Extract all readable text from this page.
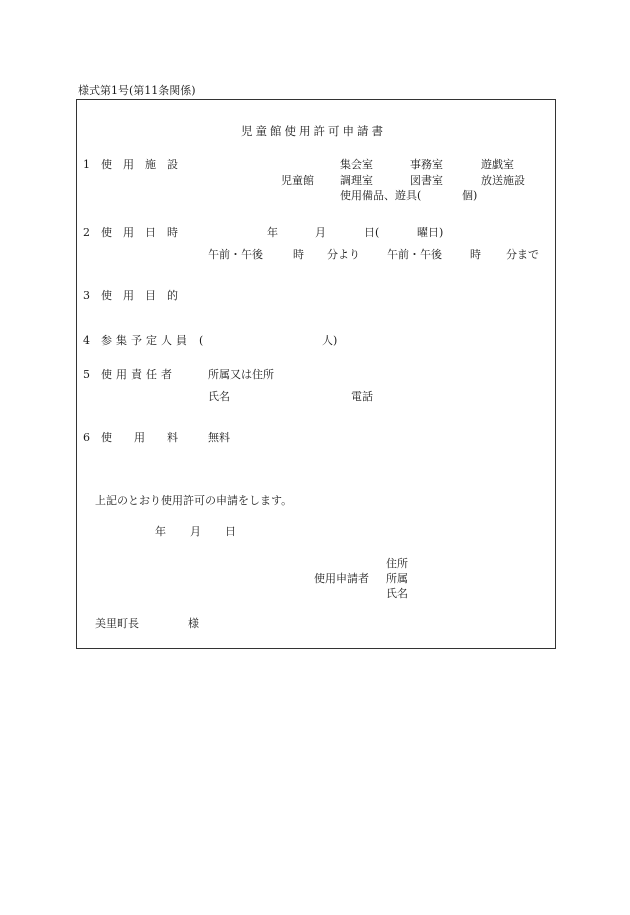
様式第1号(第11条関係)
児童館使用許可申請書
1 使　用　施　設	集会室	事務室	遊戯室
児童館 調理室	図書室	放送施設
使用備品、遊具(	個)
2 使　用　日　時	年	月	日(	曜日)
午前・午後	時 分より 午前・午後	時 分まで
3 使　用　目　的
4 参集予定人員 (	人)
5 使用責任者	所属又は住所
氏名	電話
6 使　　用　　料	無料
上記のとおり使用許可の申請をします。
年 月 日
住所
使用申請者 所属
氏名
美里町長	様
